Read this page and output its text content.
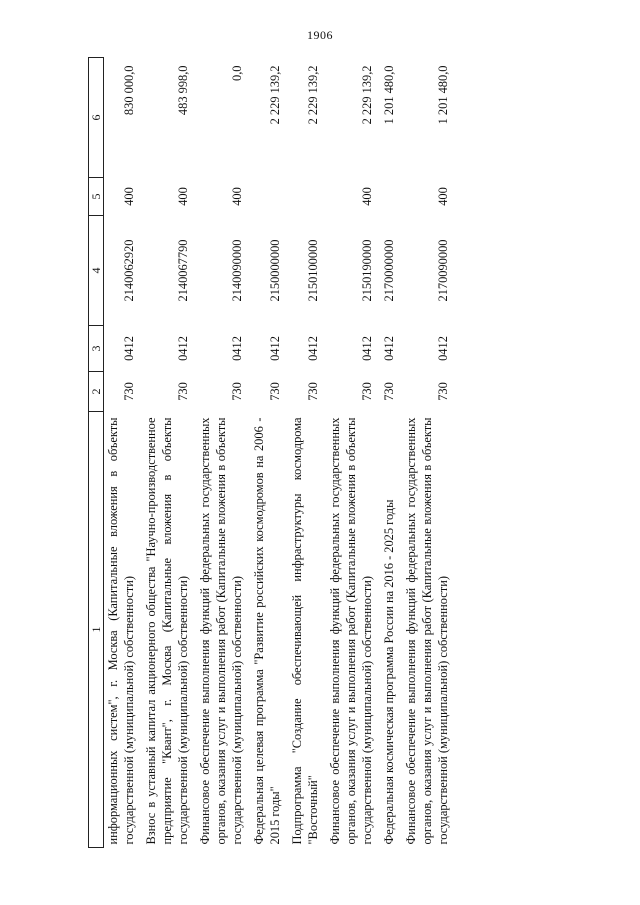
1906
1	2	3	4	5	6
информационных систем", г. Москва (Капитальные вложения в объекты государственной (муниципальной) собственности)	730	0412	2140062920	400	830 000,0
Взнос в уставный капитал акционерного общества "Научно-производственное предприятие "Квант", г. Москва (Капитальные вложения в объекты государственной (муниципальной) собственности)	730	0412	2140067790	400	483 998,0
Финансовое обеспечение выполнения функций федеральных государственных органов, оказания услуг и выполнения работ (Капитальные вложения в объекты государственной (муниципальной) собственности)	730	0412	2140090000	400	0,0
Федеральная целевая программа "Развитие российских космодромов на 2006 - 2015 годы"	730	0412	2150000000		2 229 139,2
Подпрограмма "Создание обеспечивающей инфраструктуры космодрома "Восточный"	730	0412	2150100000		2 229 139,2
Финансовое обеспечение выполнения функций федеральных государственных органов, оказания услуг и выполнения работ (Капитальные вложения в объекты государственной (муниципальной) собственности)	730	0412	2150190000	400	2 229 139,2
Федеральная космическая программа России на 2016 - 2025 годы	730	0412	2170000000		1 201 480,0
Финансовое обеспечение выполнения функций федеральных государственных органов, оказания услуг и выполнения работ (Капитальные вложения в объекты государственной (муниципальной) собственности)	730	0412	2170090000	400	1 201 480,0
